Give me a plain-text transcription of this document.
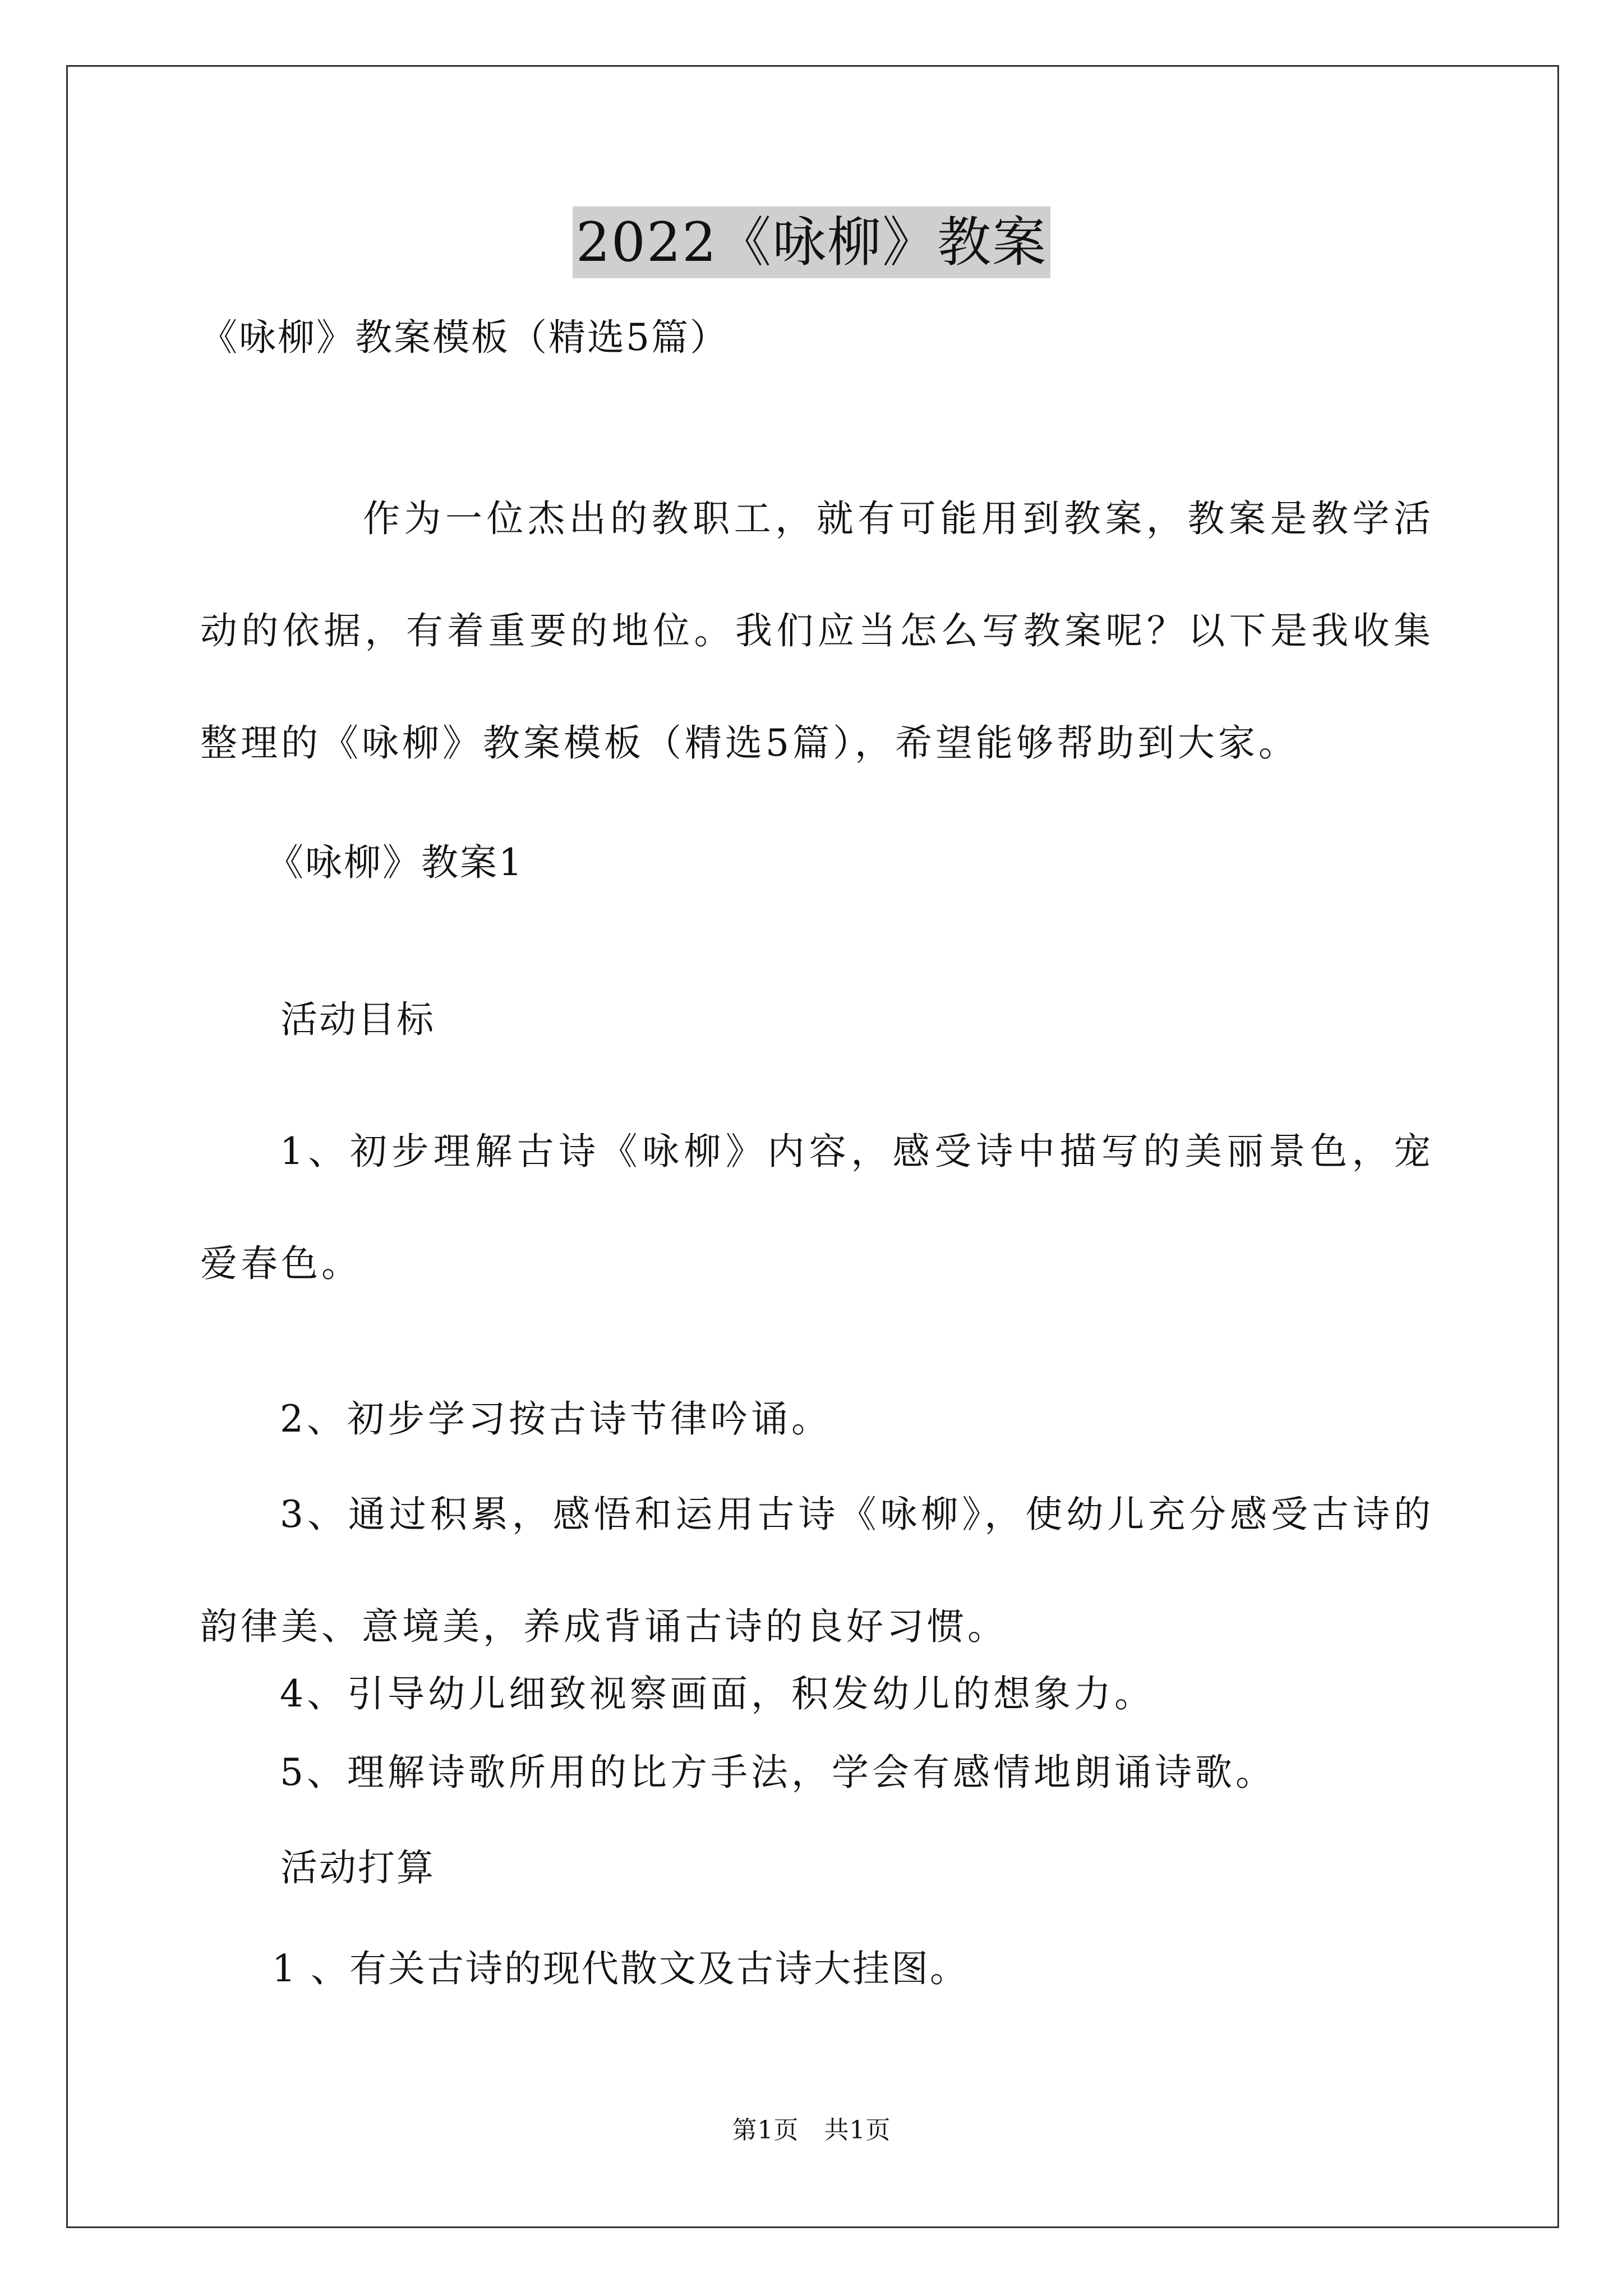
2022《咏柳》教案
《咏柳》教案模板（精选5篇）
作为一位杰出的教职工，就有可能用到教案，教案是教学活动的依据，有着重要的地位。我们应当怎么写教案呢？以下是我收集整理的《咏柳》教案模板（精选5篇），希望能够帮助到大家。
《咏柳》教案1
活动目标
1、初步理解古诗《咏柳》内容，感受诗中描写的美丽景色，宠爱春色。
2、初步学习按古诗节律吟诵。
3、通过积累，感悟和运用古诗《咏柳》，使幼儿充分感受古诗的韵律美、意境美，养成背诵古诗的良好习惯。
4、引导幼儿细致视察画面，积发幼儿的想象力。
5、理解诗歌所用的比方手法，学会有感情地朗诵诗歌。
第1页　共1页
活动打算
1 、有关古诗的现代散文及古诗大挂图。
